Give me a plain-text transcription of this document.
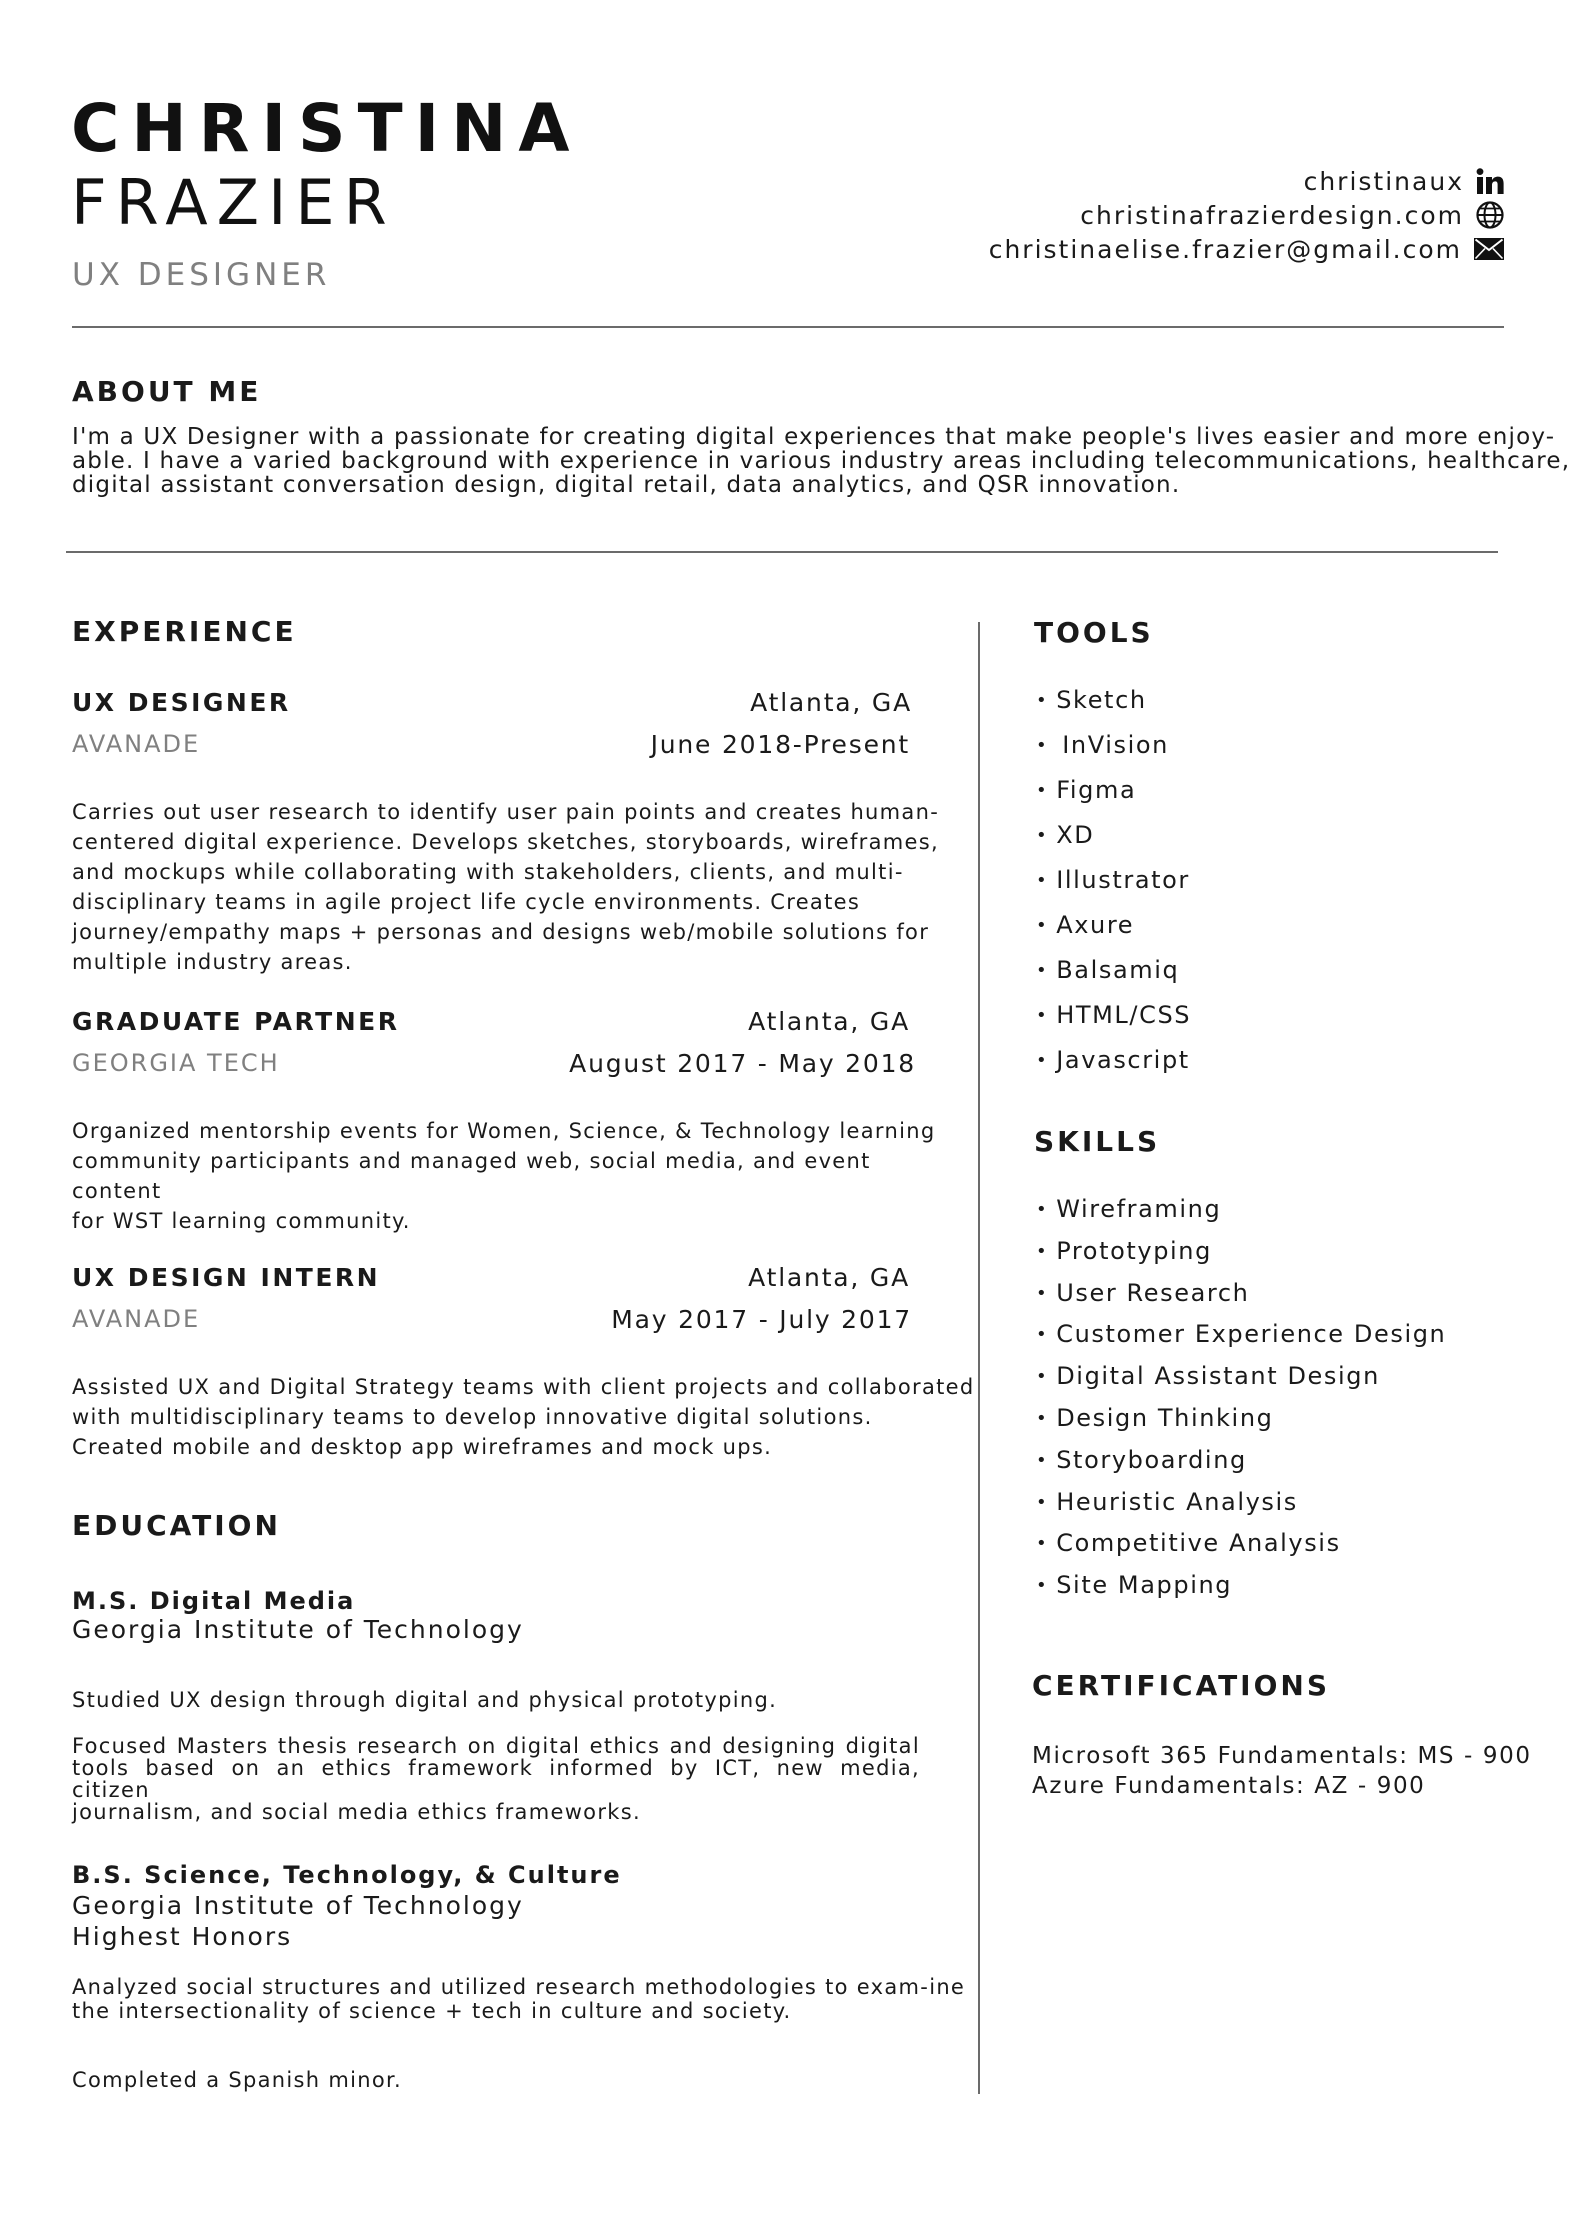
CHRISTINA
FRAZIER
UX DESIGNER
christinaux
christinafrazierdesign.com
christinaelise.frazier@gmail.com
ABOUT ME
I'm a UX Designer with a passionate for creating digital experiences that make people's lives easier and more enjoy-
able. I have a varied background with experience in various industry areas including telecommunications, healthcare,
digital assistant conversation design, digital retail, data analytics, and QSR innovation.
EXPERIENCE
UX DESIGNER	Atlanta, GA
AVANADE	June 2018-Present
Carries out user research to identify user pain points and creates human-
centered digital experience. Develops sketches, storyboards, wireframes,
and mockups while collaborating with stakeholders, clients, and multi-
disciplinary teams in agile project life cycle environments. Creates
journey/empathy maps + personas and designs web/mobile solutions for
multiple industry areas.
GRADUATE PARTNER	Atlanta, GA
GEORGIA TECH	August 2017 - May 2018
Organized mentorship events for Women, Science, & Technology learning
community participants and managed web, social media, and event content
for WST learning community.
UX DESIGN INTERN	Atlanta, GA
AVANADE	May 2017 - July 2017
Assisted UX and Digital Strategy teams with client projects and collaborated
with multidisciplinary teams to develop innovative digital solutions.
Created mobile and desktop app wireframes and mock ups.
EDUCATION
M.S. Digital Media
Georgia Institute of Technology
Studied UX design through digital and physical prototyping.
Focused Masters thesis research on digital ethics and designing digital
tools based on an ethics framework informed by ICT, new media, citizen
journalism, and social media ethics frameworks.
B.S. Science, Technology, & Culture
Georgia Institute of Technology
Highest Honors
Analyzed social structures and utilized research methodologies to exam-ine
the intersectionality of science + tech in culture and society.
Completed a Spanish minor.
TOOLS
• Sketch
• InVision
• Figma
• XD
• Illustrator
• Axure
• Balsamiq
• HTML/CSS
• Javascript
SKILLS
• Wireframing
• Prototyping
• User Research
• Customer Experience Design
• Digital Assistant Design
• Design Thinking
• Storyboarding
• Heuristic Analysis
• Competitive Analysis
• Site Mapping
CERTIFICATIONS
Microsoft 365 Fundamentals: MS - 900
Azure Fundamentals: AZ - 900
